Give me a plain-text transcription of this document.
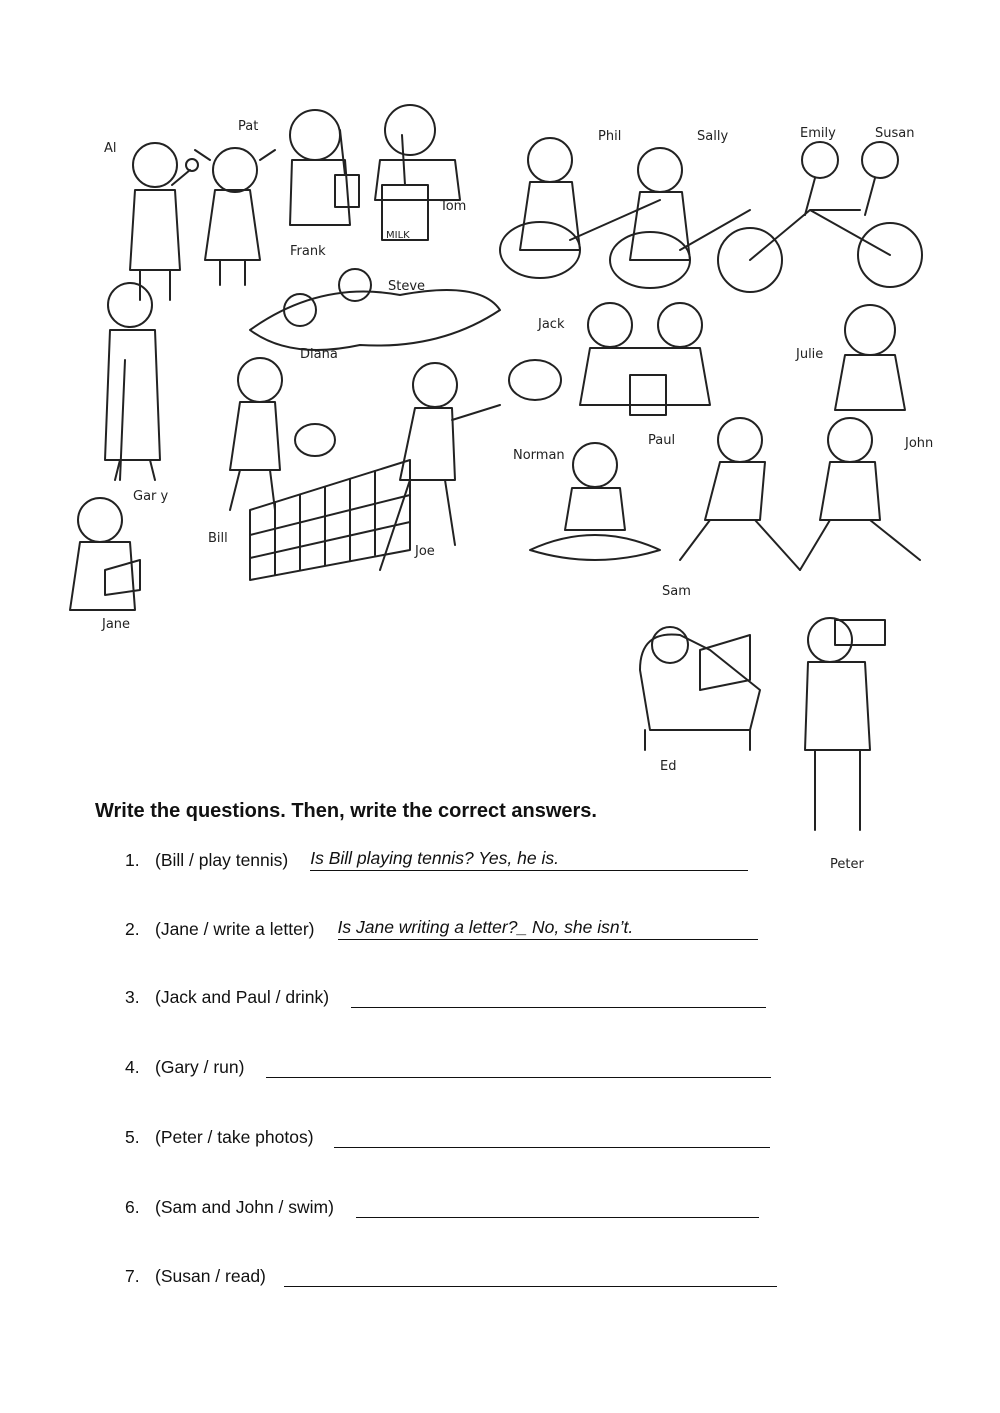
Al
Pat
Frank
Tom
Phil	Sally	Emily	Susan
Steve
Diana
Jack
Julie
Gar y
Bill
Joe
Paul
Norman
John
Sam
Jane
Ed
Peter
MILK
Write the questions. Then, write the correct answers.
1. (Bill / play tennis) Is Bill playing tennis? Yes, he is.
2. (Jane / write a letter) Is Jane writing a letter?_ No, she isn’t.
3. (Jack and Paul / drink)
4. (Gary / run)
5. (Peter / take photos)
6. (Sam and John / swim)
7. (Susan / read)
